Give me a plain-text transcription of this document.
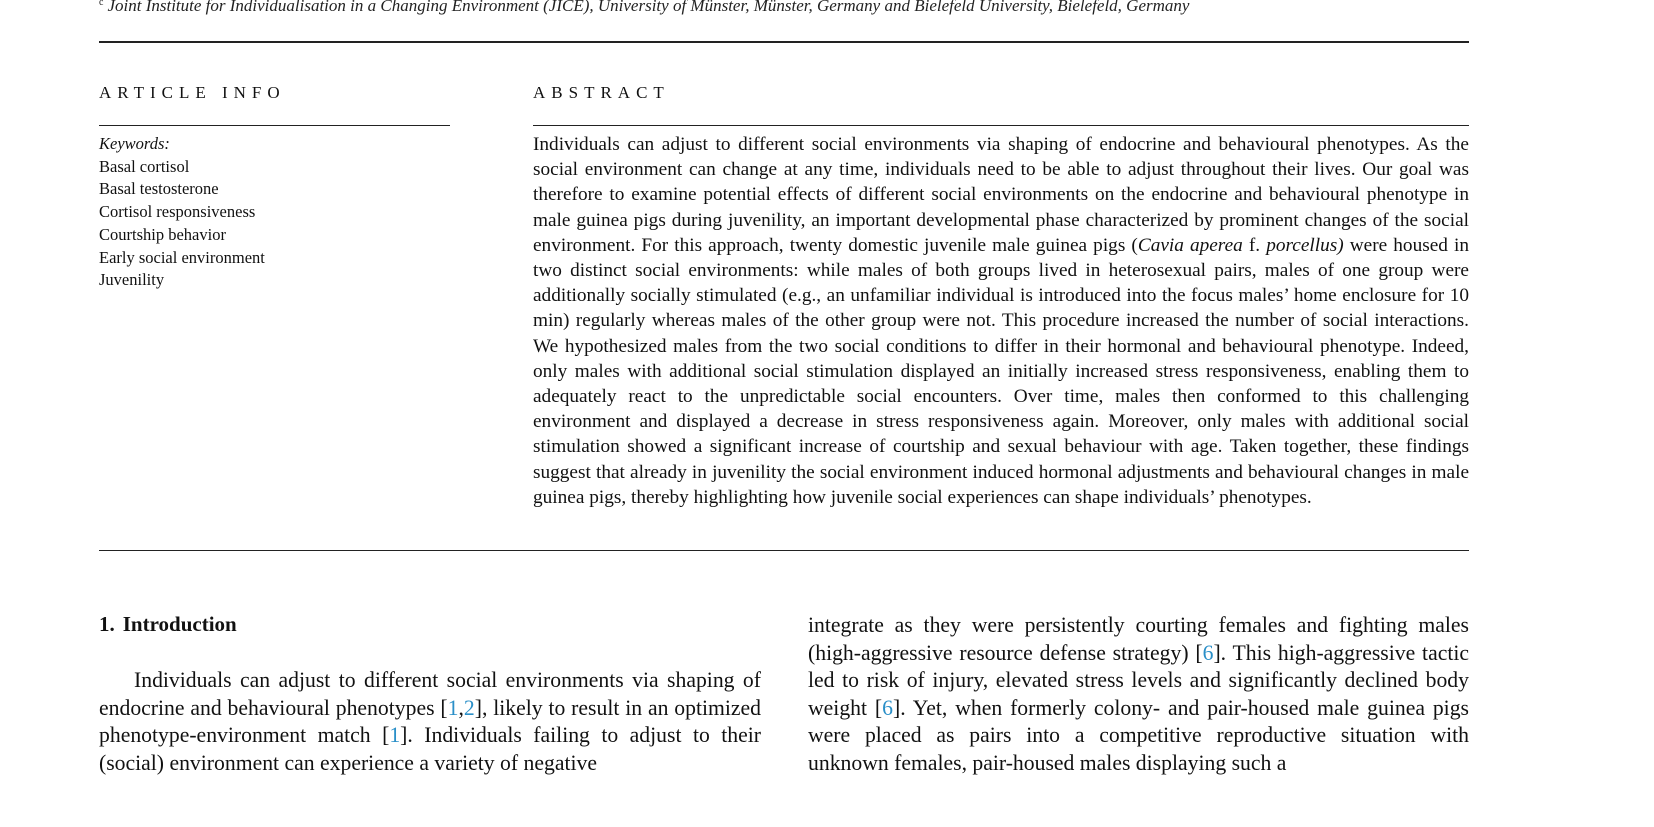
$^c$ Joint Institute for Individualisation in a Changing Environment (JICE), University of Münster, Münster, Germany and Bielefeld University, Bielefeld, Germany
ARTICLE INFO	ABSTRACT
Keywords:
Basal cortisol
Basal testosterone
Cortisol responsiveness
Courtship behavior
Early social environment
Juvenility
Individuals can adjust to different social environments via shaping of endocrine and behavioural phenotypes. As the social environment can change at any time, individuals need to be able to adjust throughout their lives. Our goal was therefore to examine potential effects of different social environments on the endocrine and behavioural phenotype in male guinea pigs during juvenility, an important developmental phase characterized by prominent changes of the social environment. For this approach, twenty domestic juvenile male guinea pigs (Cavia aperea f. porcellus) were housed in two distinct social environments: while males of both groups lived in heterosexual pairs, males of one group were additionally socially stimulated (e.g., an unfamiliar individual is introduced into the focus males’ home enclosure for 10 min) regularly whereas males of the other group were not. This procedure increased the number of social interactions. We hypothesized males from the two social conditions to differ in their hormonal and behavioural phenotype. Indeed, only males with additional social stimulation displayed an initially increased stress responsiveness, enabling them to adequately react to the unpredictable social encounters. Over time, males then conformed to this challenging environment and displayed a decrease in stress responsiveness again. Moreover, only males with additional social stimulation showed a significant increase of courtship and sexual behaviour with age. Taken together, these findings suggest that already in juvenility the social environment induced hormonal adjustments and behavioural changes in male guinea pigs, thereby highlighting how juvenile social experiences can shape individuals’ phenotypes.
1. Introduction

Individuals can adjust to different social environments via shaping of endocrine and behavioural phenotypes [1,2], likely to result in an optimized phenotype-environment match [1]. Individuals failing to adjust to their (social) environment can experience a variety of negative

integrate as they were persistently courting females and fighting males (high-aggressive resource defense strategy) [6]. This high-aggressive tactic led to risk of injury, elevated stress levels and significantly declined body weight [6]. Yet, when formerly colony- and pair-housed male guinea pigs were placed as pairs into a competitive reproductive situation with unknown females, pair-housed males displaying such a
